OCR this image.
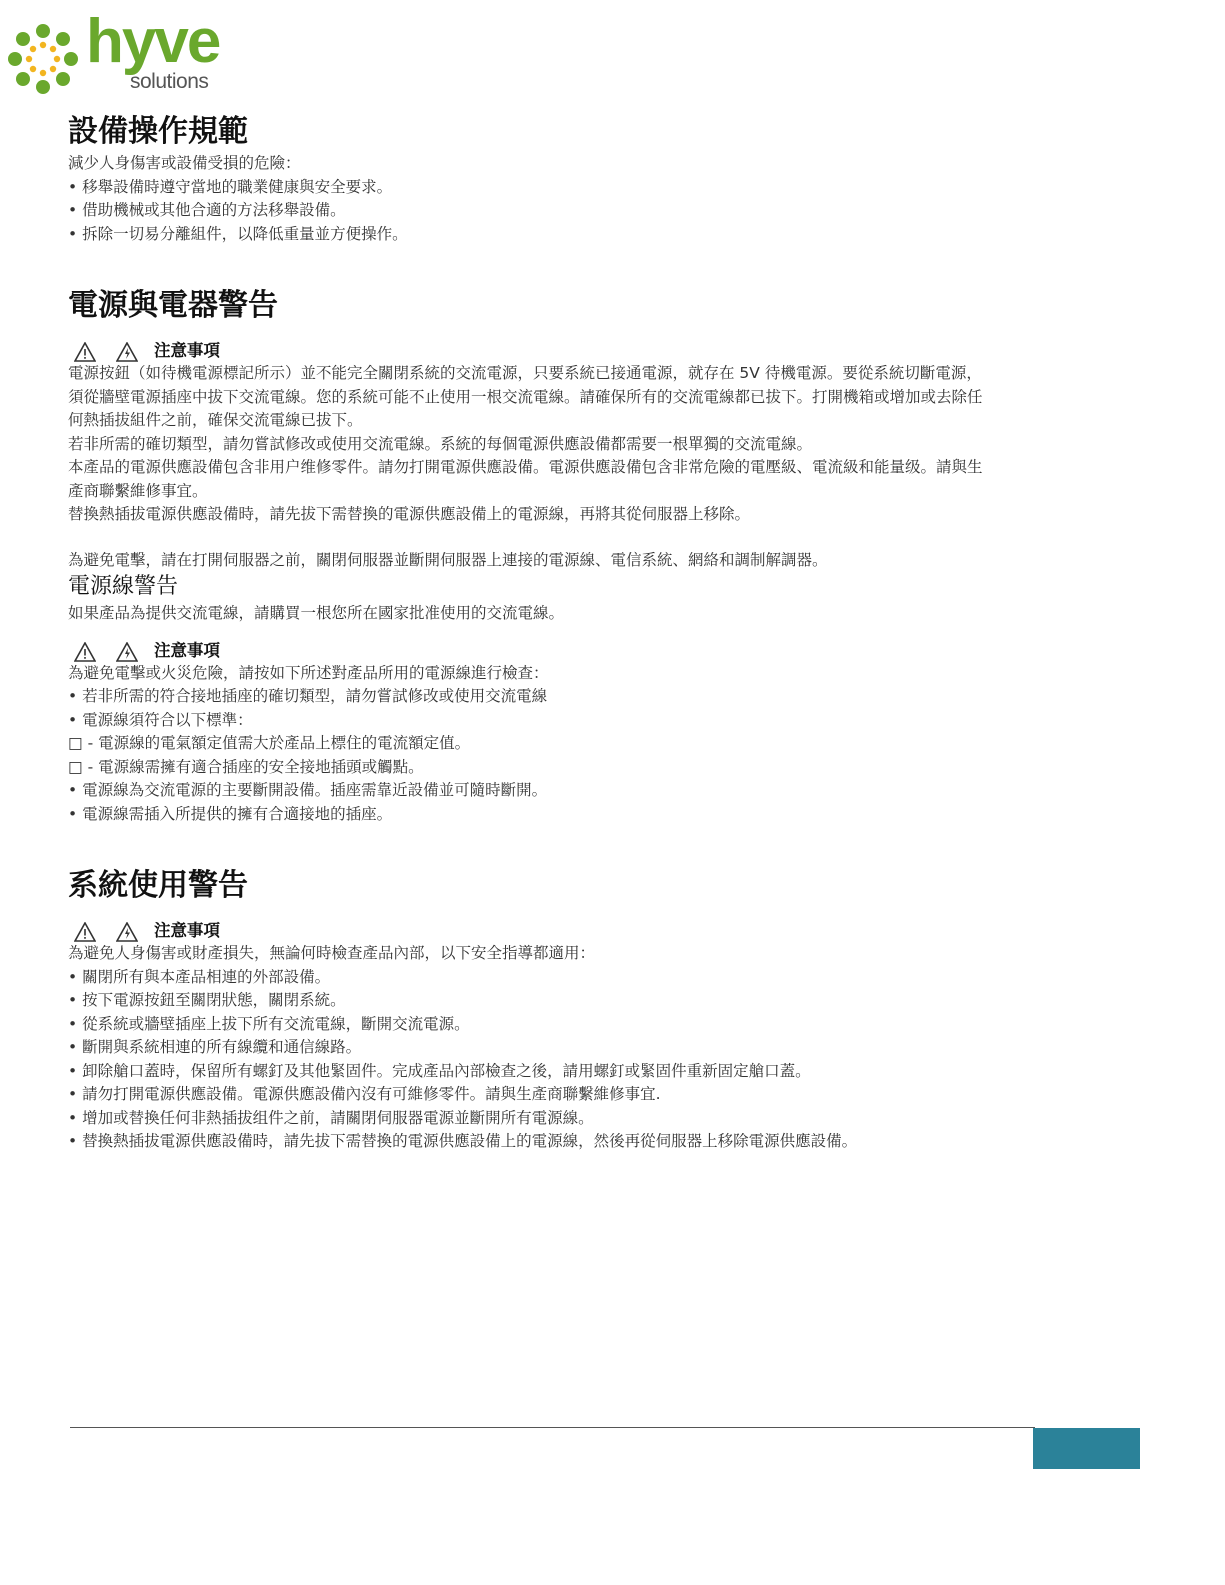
hyve
solutions
設備操作規範

減少人身傷害或設備受損的危險：

• 移舉設備時遵守當地的職業健康與安全要求。
• 借助機械或其他合適的方法移舉設備。
• 拆除一切易分離組件，以降低重量並方便操作。
電源與電器警告
注意事項

電源按鈕（如待機電源標記所示）並不能完全關閉系統的交流電源，只要系統已接通電源，就存在 5V 待機電源。要從系統切斷電源，須從牆壁電源插座中拔下交流電線。您的系統可能不止使用一根交流電線。請確保所有的交流電線都已拔下。打開機箱或增加或去除任何熱插拔組件之前，確保交流電線已拔下。

若非所需的確切類型，請勿嘗試修改或使用交流電線。系統的每個電源供應設備都需要一根單獨的交流電線。

本產品的電源供應設備包含非用户维修零件。請勿打開電源供應設備。電源供應設備包含非常危險的電壓級、電流級和能量级。請與生產商聯繫維修事宜。

替換熱插拔電源供應設備時，請先拔下需替換的電源供應設備上的電源線，再將其從伺服器上移除。

為避免電擊，請在打開伺服器之前，關閉伺服器並斷開伺服器上連接的電源線、電信系統、網絡和調制解調器。

電源線警告

如果產品為提供交流電線，請購買一根您所在國家批准使用的交流電線。

注意事項

為避免電擊或火災危險，請按如下所述對產品所用的電源線進行檢查：

• 若非所需的符合接地插座的確切類型，請勿嘗試修改或使用交流電線
• 電源線須符合以下標準：
□ - 電源線的電氣額定值需大於產品上標住的電流額定值。
□ - 電源線需擁有適合插座的安全接地插頭或觸點。
• 電源線為交流電源的主要斷開設備。插座需靠近設備並可隨時斷開。
• 電源線需插入所提供的擁有合適接地的插座。
系統使用警告
注意事項

為避免人身傷害或財產損失，無論何時檢查產品內部，以下安全指導都適用：

• 關閉所有與本產品相連的外部設備。
• 按下電源按鈕至關閉狀態，關閉系統。
• 從系統或牆壁插座上拔下所有交流電線，斷開交流電源。
• 斷開與系統相連的所有線纜和通信線路。
• 卸除艙口蓋時，保留所有螺釘及其他緊固件。完成產品內部檢查之後，請用螺釘或緊固件重新固定艙口蓋。
• 請勿打開電源供應設備。電源供應設備內沒有可維修零件。請與生產商聯繫維修事宜.
• 增加或替換任何非熱插拔组件之前，請關閉伺服器電源並斷開所有電源線。
• 替換熱插拔電源供應設備時，請先拔下需替換的電源供應設備上的電源線，然後再從伺服器上移除電源供應設備。
